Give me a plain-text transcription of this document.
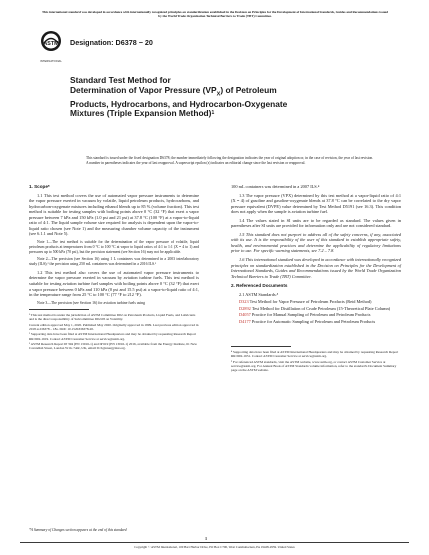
This international standard was developed in accordance with internationally recognized principles on standardization established in the Decision on Principles for the Development of International Standards, Guides and Recommendations issued by the World Trade Organization Technical Barriers to Trade (TBT) Committee.
ASTM
INTERNATIONAL
Designation: D6378 − 20
Standard Test Method for
Determination of Vapor Pressure $(VP_X)$ of Petroleum
Products, Hydrocarbons, and Hydrocarbon-Oxygenate
Mixtures (Triple Expansion Method)$^1$
This standard is issued under the fixed designation D6378; the number immediately following the designation indicates the year of original adoption or, in the case of revision, the year of last revision. A number in parentheses indicates the year of last reapproval. A superscript epsilon (ε) indicates an editorial change since the last revision or reapproval.
1. Scope*

1.1 This test method covers the use of automated vapor pressure instruments to determine the vapor pressure exerted in vacuum by volatile, liquid petroleum products, hydrocarbons, and hydrocarbon-oxygenate mixtures including ethanol blends up to 85 % (volume fraction). This test method is suitable for testing samples with boiling points above 0 °C (32 °F) that exert a vapor pressure between 7 kPa and 150 kPa (1.0 psi and 21 psi) at 37.8 °C (100 °F) at a vapor-to-liquid ratio of 4:1. The liquid sample volume size required for analysis is dependent upon the vapor-to-liquid ratio chosen (see Note 1) and the measuring chamber volume capacity of the instrument (see 6.1.1 and Note 5).

Note 1—The test method is suitable for the determination of the vapor pressure of volatile, liquid petroleum products at temperatures from 0 °C to 100 °C at vapor to liquid ratios of 4:1 to 1:1 (X = 4 to 1) and pressures up to 500 kPa (70 psi), but the precision statement (see Section 16) may not be applicable.

Note 2—The precision (see Section 16) using 1 L containers was determined in a 2003 interlaboratory study (ILS);² the precision using 250 mL containers was determined in a 2016 ILS.³

1.2 This test method also covers the use of automated vapor pressure instruments to determine the vapor pressure exerted in vacuum by aviation turbine fuels. This test method is suitable for testing aviation turbine fuel samples with boiling points above 0 °C (32 °F) that exert a vapor pressure between 0 kPa and 110 kPa (0 psi and 15.5 psi) at a vapor-to-liquid ratio of 4:1, in the temperature range from 25 °C to 100 °C (77 °F to 212 °F).

Note 3—The precision (see Section 16) for aviation turbine fuels using

¹ This test method is under the jurisdiction of ASTM Committee D02 on Petroleum Products, Liquid Fuels, and Lubricants and is the direct responsibility of Subcommittee D02.08 on Volatility.

Current edition approved May 1, 2020. Published May 2020. Originally approved in 1999. Last previous edition approved in 2018 as D6378 – 18a. DOI: 10.1520/D6378-20.

² Supporting data have been filed at ASTM International Headquarters and may be obtained by requesting Research Report RR:D02-1619. Contact ASTM Customer Service at service@astm.org.

³ ASTM Research Report IP 394 (EN 13016-1) and IP 619 (EN 13016-1) 2016, available from the Energy Institute, 61 New Cavendish Street, London W1G 7AR, UK, email: ILS@energyinst.org.

100 mL containers was determined in a 2007 ILS.⁴

1.3 The vapor pressure (VPX) determined by this test method at a vapor-liquid ratio of 4:1 (X = 4) of gasoline and gasoline-oxygenate blends at 37.8 °C can be correlated to the dry vapor pressure equivalent (DVPE) value determined by Test Method D5191 (see 16.3). This condition does not apply when the sample is aviation turbine fuel.

1.4 The values stated in SI units are to be regarded as standard. The values given in parentheses after SI units are provided for information only and are not considered standard.

1.5 This standard does not purport to address all of the safety concerns, if any, associated with its use. It is the responsibility of the user of this standard to establish appropriate safety, health, and environmental practices and determine the applicability of regulatory limitations prior to use. For specific warning statements, see 7.2 – 7.8.

1.6 This international standard was developed in accordance with internationally recognized principles on standardization established in the Decision on Principles for the Development of International Standards, Guides and Recommendations issued by the World Trade Organization Technical Barriers to Trade (TBT) Committee.

2. Referenced Documents

2.1 ASTM Standards:⁵

D323 Test Method for Vapor Pressure of Petroleum Products (Reid Method)
D2892 Test Method for Distillation of Crude Petroleum (15-Theoretical Plate Column)
D4057 Practice for Manual Sampling of Petroleum and Petroleum Products
D4177 Practice for Automatic Sampling of Petroleum and Petroleum Products

⁴ Supporting data have been filed at ASTM International Headquarters and may be obtained by requesting Research Report RR:D02-1651. Contact ASTM Customer Service at service@astm.org.

⁵ For referenced ASTM standards, visit the ASTM website, www.astm.org, or contact ASTM Customer Service at service@astm.org. For Annual Book of ASTM Standards volume information, refer to the standard's Document Summary page on the ASTM website.

*A Summary of Changes section appears at the end of this standard
Copyright © ASTM International, 100 Barr Harbor Drive, PO Box C700, West Conshohocken, PA 19428-2959. United States
1
